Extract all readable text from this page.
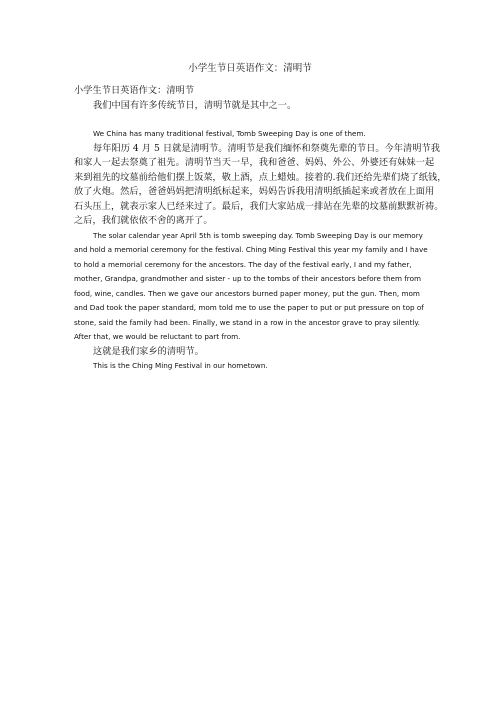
小学生节日英语作文：清明节
小学生节日英语作文：清明节
我们中国有许多传统节日，清明节就是其中之一。
We China has many traditional festival, Tomb Sweeping Day is one of them.
每年阳历 4 月 5 日就是清明节。清明节是我们缅怀和祭奠先辈的节日。今年清明节我
和家人一起去祭奠了祖先。清明节当天一早，我和爸爸、妈妈、外公、外婆还有妹妹一起
来到祖先的坟墓前给他们摆上饭菜，敬上酒，点上蜡烛。接着的.我们还给先辈们烧了纸钱，
放了火炮。然后，爸爸妈妈把清明纸标起来，妈妈告诉我用清明纸插起来或者放在上面用
石头压上，就表示家人已经来过了。最后，我们大家站成一排站在先辈的坟墓前默默祈祷。
之后，我们就依依不舍的离开了。
The solar calendar year April 5th is tomb sweeping day. Tomb Sweeping Day is our memory
and hold a memorial ceremony for the festival. Ching Ming Festival this year my family and I have
to hold a memorial ceremony for the ancestors. The day of the festival early, I and my father,
mother, Grandpa, grandmother and sister - up to the tombs of their ancestors before them from
food, wine, candles. Then we gave our ancestors burned paper money, put the gun. Then, mom
and Dad took the paper standard, mom told me to use the paper to put or put pressure on top of
stone, said the family had been. Finally, we stand in a row in the ancestor grave to pray silently.
After that, we would be reluctant to part from.
这就是我们家乡的清明节。
This is the Ching Ming Festival in our hometown.
